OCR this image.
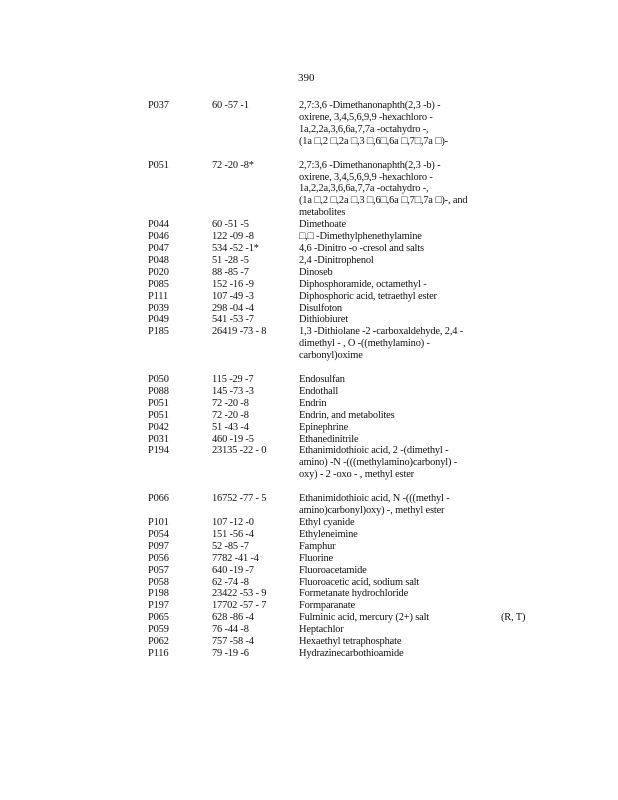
390
P037	60 -57 -1	2,7:3,6 -Dimethanonaphth(2,3 -b) -
oxirene, 3,4,5,6,9,9 -hexachloro -
1a,2,2a,3,6,6a,7,7a -octahydro -,
(1a □,2 □,2a □,3 □,6□,6a □,7□,7a □)-
P051	72 -20 -8*	2,7:3,6 -Dimethanonaphth(2,3 -b) -
oxirene, 3,4,5,6,9,9 -hexachloro -
1a,2,2a,3,6,6a,7,7a -octahydro -,
(1a □,2 □,2a □,3 □,6□,6a □,7□,7a □)-, and
metabolites
P044	60 -51 -5	Dimethoate
P046	122 -09 -8	□,□ -Dimethylphenethylamine
P047	534 -52 -1*	4,6 -Dinitro -o -cresol and salts
P048	51 -28 -5	2,4 -Dinitrophenol
P020	88 -85 -7	Dinoseb
P085	152 -16 -9	Diphosphoramide, octamethyl -
P111	107 -49 -3	Diphosphoric acid, tetraethyl ester
P039	298 -04 -4	Disulfoton
P049	541 -53 -7	Dithiobiuret
P185	26419 -73 - 8	1,3 -Dithiolane -2 -carboxaldehyde, 2,4 -
dimethyl - , O -((methylamino) -
carbonyl)oxime
P050	115 -29 -7	Endosulfan
P088	145 -73 -3	Endothall
P051	72 -20 -8	Endrin
P051	72 -20 -8	Endrin, and metabolites
P042	51 -43 -4	Epinephrine
P031	460 -19 -5	Ethanedinitrile
P194	23135 -22 - 0	Ethanimidothioic acid, 2 -(dimethyl -
amino) -N -(((methylamino)carbonyl) -
oxy) - 2 -oxo - , methyl ester
P066	16752 -77 - 5	Ethanimidothioic acid, N -(((methyl -
amino)carbonyl)oxy) -, methyl ester
P101	107 -12 -0	Ethyl cyanide
P054	151 -56 -4	Ethyleneimine
P097	52 -85 -7	Famphur
P056	7782 -41 -4	Fluorine
P057	640 -19 -7	Fluoroacetamide
P058	62 -74 -8	Fluoroacetic acid, sodium salt
P198	23422 -53 - 9	Formetanate hydrochloride
P197	17702 -57 - 7	Formparanate
P065	628 -86 -4	Fulminic acid, mercury (2+) salt	(R, T)
P059	76 -44 -8	Heptachlor
P062	757 -58 -4	Hexaethyl tetraphosphate
P116	79 -19 -6	Hydrazinecarbothioamide
